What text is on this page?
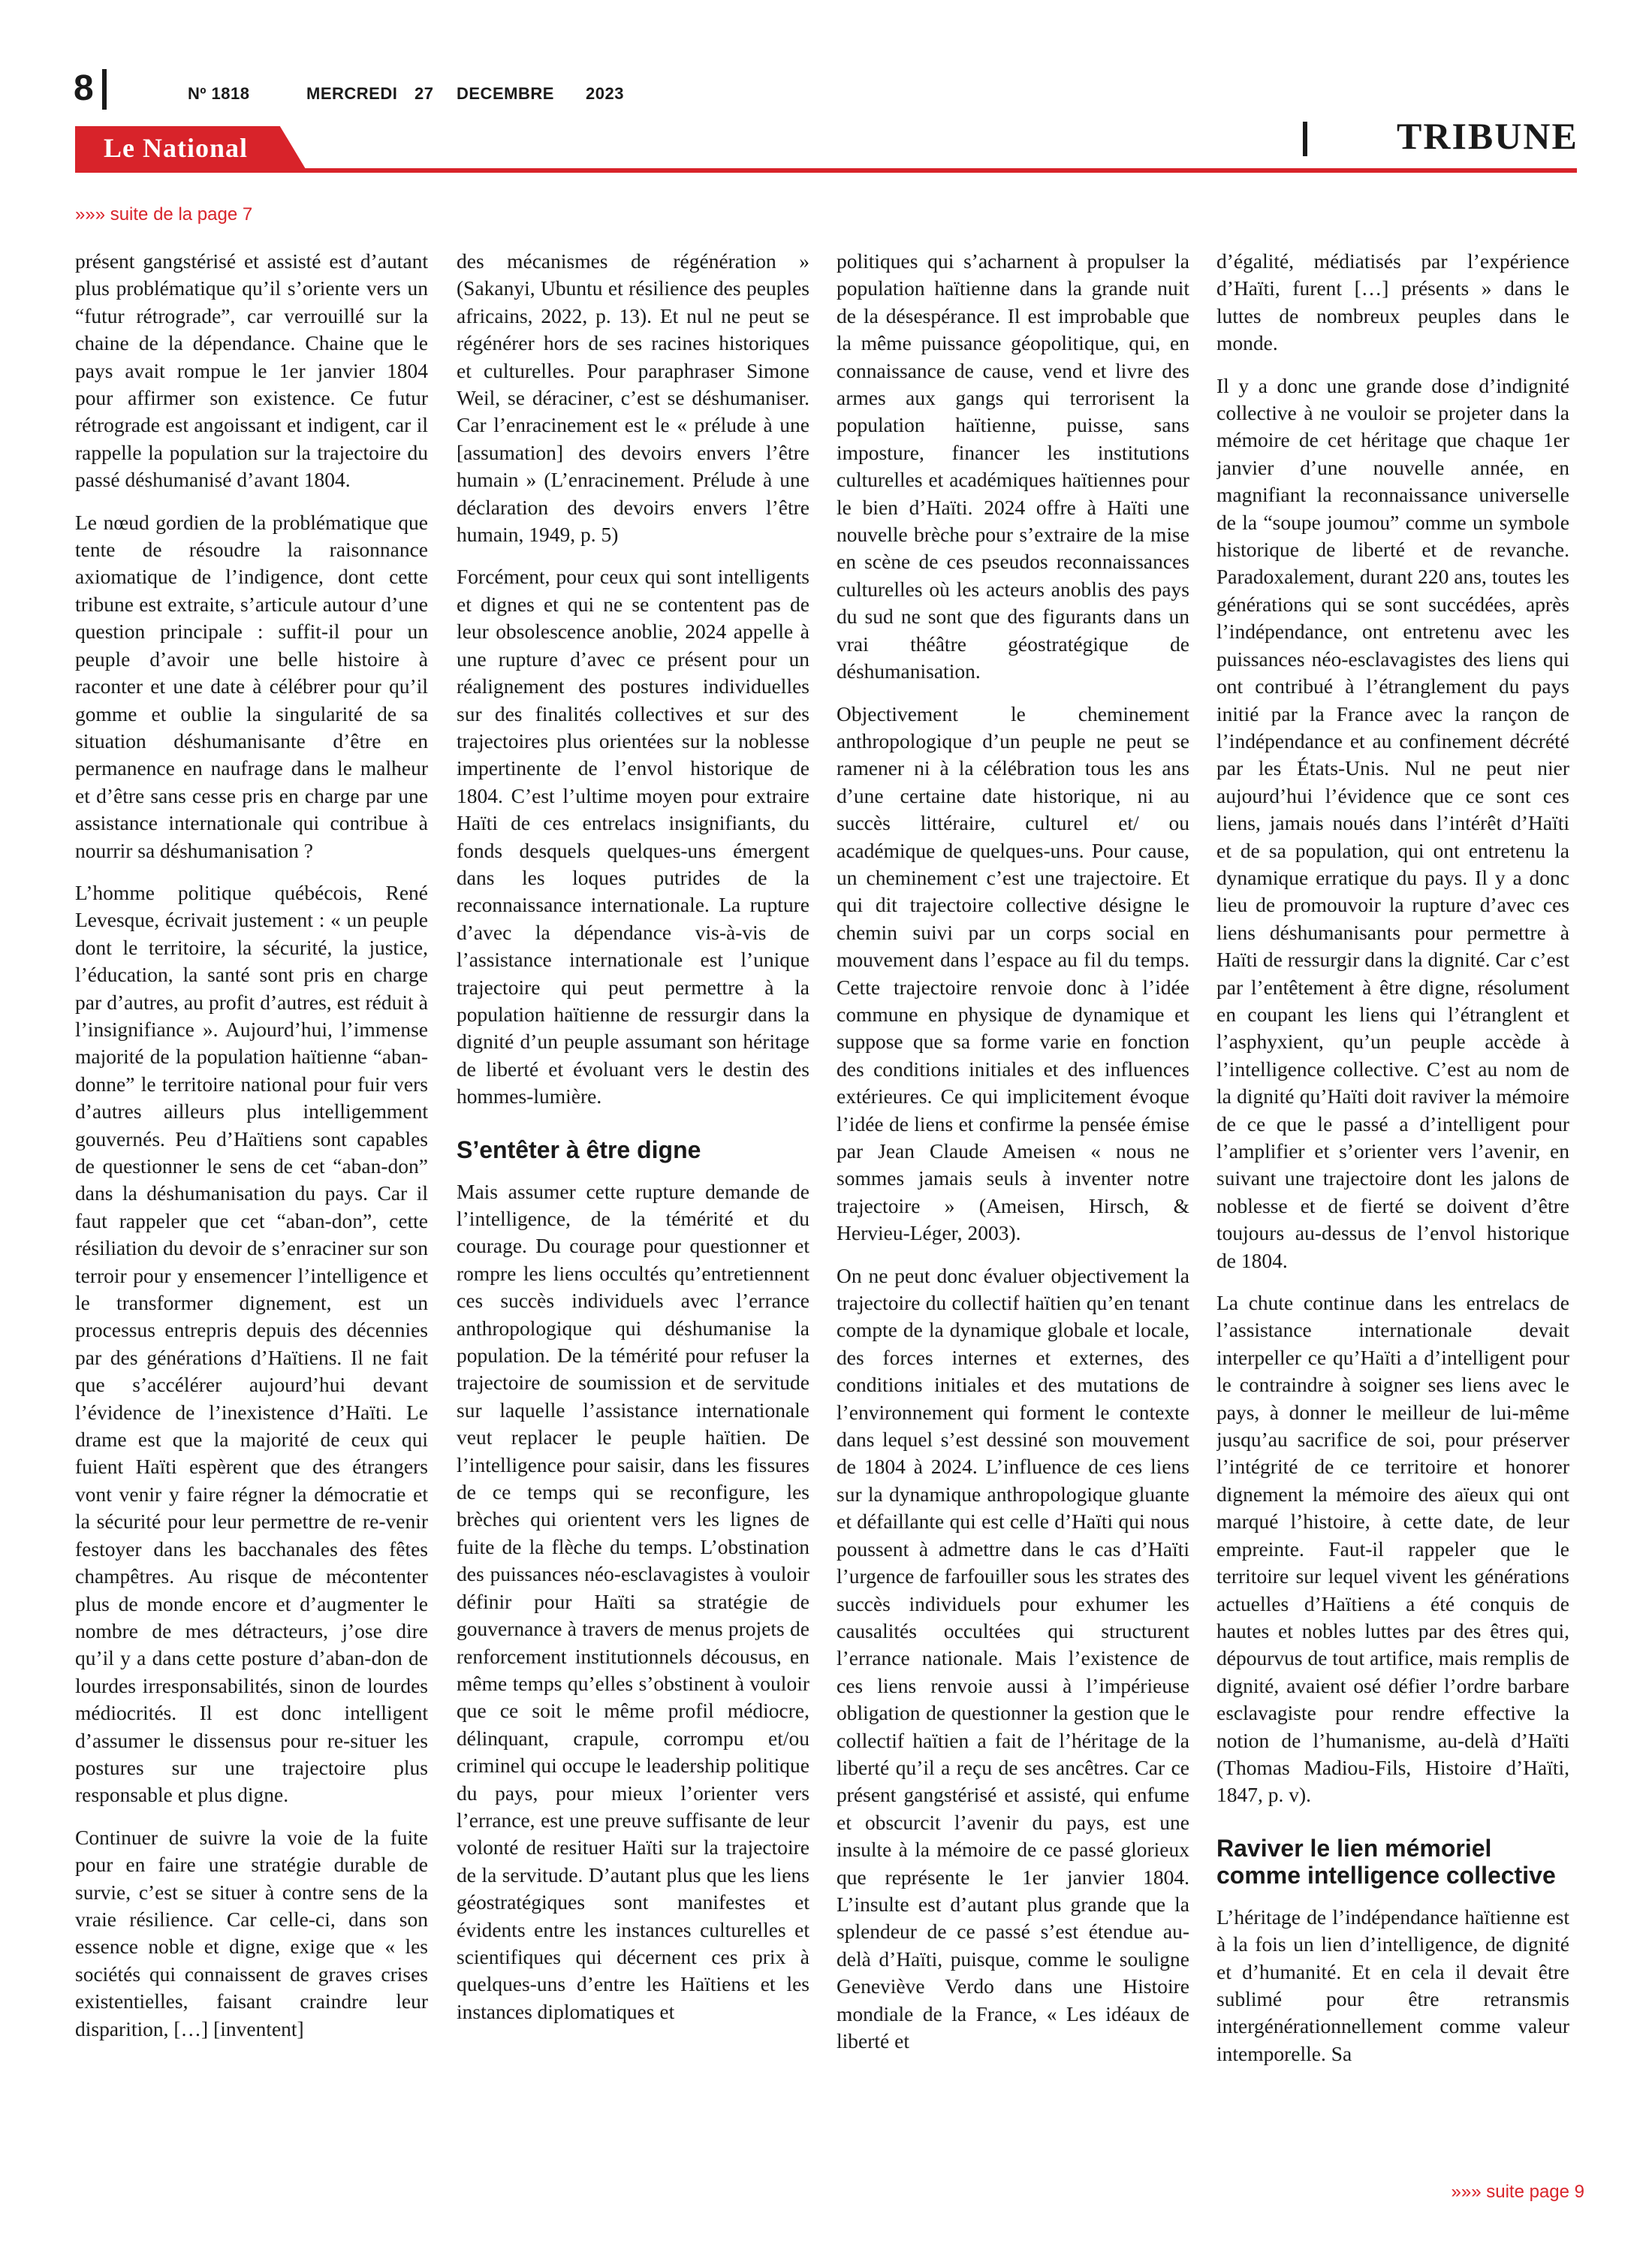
8	Nº 1818	MERCREDI 27 DECEMBRE 2023
Le National	TRIBUNE
»»» suite de la page 7

présent gangstérisé et assisté est d’autant plus problématique qu’il s’oriente vers un “futur rétrograde”, car verrouillé sur la chaine de la dépendance. Chaine que le pays avait rompue le 1er janvier 1804 pour affirmer son existence. Ce futur rétrograde est angoissant et indigent, car il rappelle la population sur la trajectoire du passé déshumanisé d’avant 1804.

Le nœud gordien de la problématique que tente de résoudre la raisonnance axiomatique de l’indigence, dont cette tribune est extraite, s’articule autour d’une question principale : suffit-il pour un peuple d’avoir une belle histoire à raconter et une date à célébrer pour qu’il gomme et oublie la singularité de sa situation déshumanisante d’être en permanence en naufrage dans le malheur et d’être sans cesse pris en charge par une assistance internationale qui contribue à nourrir sa déshumanisation ?

L’homme politique québécois, René Levesque, écrivait justement : « un peuple dont le territoire, la sécurité, la justice, l’éducation, la santé sont pris en charge par d’autres, au profit d’autres, est réduit à l’insignifiance ». Aujourd’hui, l’immense majorité de la population haïtienne “aban-donne” le territoire national pour fuir vers d’autres ailleurs plus intelligemment gouvernés. Peu d’Haïtiens sont capables de questionner le sens de cet “aban-don” dans la déshumanisation du pays. Car il faut rappeler que cet “aban-don”, cette résiliation du devoir de s’enraciner sur son terroir pour y ensemencer l’intelligence et le transformer dignement, est un processus entrepris depuis des décennies par des générations d’Haïtiens. Il ne fait que s’accélérer aujourd’hui devant l’évidence de l’inexistence d’Haïti. Le drame est que la majorité de ceux qui fuient Haïti espèrent que des étrangers vont venir y faire régner la démocratie et la sécurité pour leur permettre de re-venir festoyer dans les bacchanales des fêtes champêtres. Au risque de mécontenter plus de monde encore et d’augmenter le nombre de mes détracteurs, j’ose dire qu’il y a dans cette posture d’aban-don de lourdes irresponsabilités, sinon de lourdes médiocrités. Il est donc intelligent d’assumer le dissensus pour re-situer les postures sur une trajectoire plus responsable et plus digne.

Continuer de suivre la voie de la fuite pour en faire une stratégie durable de survie, c’est se situer à contre sens de la vraie résilience. Car celle-ci, dans son essence noble et digne, exige que « les sociétés qui connaissent de graves crises existentielles, faisant craindre leur disparition, […] [inventent]

des mécanismes de régénération » (Sakanyi, Ubuntu et résilience des peuples africains, 2022, p. 13). Et nul ne peut se régénérer hors de ses racines historiques et culturelles. Pour paraphraser Simone Weil, se déraciner, c’est se déshumaniser. Car l’enracinement est le « prélude à une [assumation] des devoirs envers l’être humain » (L’enracinement. Prélude à une déclaration des devoirs envers l’être humain, 1949, p. 5)

Forcément, pour ceux qui sont intelligents et dignes et qui ne se contentent pas de leur obsolescence anoblie, 2024 appelle à une rupture d’avec ce présent pour un réalignement des postures individuelles sur des finalités collectives et sur des trajectoires plus orientées sur la noblesse impertinente de l’envol historique de 1804. C’est l’ultime moyen pour extraire Haïti de ces entrelacs insignifiants, du fonds desquels quelques-uns émergent dans les loques putrides de la reconnaissance internationale. La rupture d’avec la dépendance vis-à-vis de l’assistance internationale est l’unique trajectoire qui peut permettre à la population haïtienne de ressurgir dans la dignité d’un peuple assumant son héritage de liberté et évoluant vers le destin des hommes-lumière.

S’entêter à être digne

Mais assumer cette rupture demande de l’intelligence, de la témérité et du courage. Du courage pour questionner et rompre les liens occultés qu’entretiennent ces succès individuels avec l’errance anthropologique qui déshumanise la population. De la témérité pour refuser la trajectoire de soumission et de servitude sur laquelle l’assistance internationale veut replacer le peuple haïtien. De l’intelligence pour saisir, dans les fissures de ce temps qui se reconfigure, les brèches qui orientent vers les lignes de fuite de la flèche du temps. L’obstination des puissances néo-esclavagistes à vouloir définir pour Haïti sa stratégie de gouvernance à travers de menus projets de renforcement institutionnels décousus, en même temps qu’elles s’obstinent à vouloir que ce soit le même profil médiocre, délinquant, crapule, corrompu et/ou criminel qui occupe le leadership politique du pays, pour mieux l’orienter vers l’errance, est une preuve suffisante de leur volonté de resituer Haïti sur la trajectoire de la servitude. D’autant plus que les liens géostratégiques sont manifestes et évidents entre les instances culturelles et scientifiques qui décernent ces prix à quelques-uns d’entre les Haïtiens et les instances diplomatiques et

politiques qui s’acharnent à propulser la population haïtienne dans la grande nuit de la désespérance. Il est improbable que la même puissance géopolitique, qui, en connaissance de cause, vend et livre des armes aux gangs qui terrorisent la population haïtienne, puisse, sans imposture, financer les institutions culturelles et académiques haïtiennes pour le bien d’Haïti. 2024 offre à Haïti une nouvelle brèche pour s’extraire de la mise en scène de ces pseudos reconnaissances culturelles où les acteurs anoblis des pays du sud ne sont que des figurants dans un vrai théâtre géostratégique de déshumanisation.

Objectivement le cheminement anthropologique d’un peuple ne peut se ramener ni à la célébration tous les ans d’une certaine date historique, ni au succès littéraire, culturel et/ ou académique de quelques-uns. Pour cause, un cheminement c’est une trajectoire. Et qui dit trajectoire collective désigne le chemin suivi par un corps social en mouvement dans l’espace au fil du temps. Cette trajectoire renvoie donc à l’idée commune en physique de dynamique et suppose que sa forme varie en fonction des conditions initiales et des influences extérieures. Ce qui implicitement évoque l’idée de liens et confirme la pensée émise par Jean Claude Ameisen « nous ne sommes jamais seuls à inventer notre trajectoire » (Ameisen, Hirsch, & Hervieu-Léger, 2003).

On ne peut donc évaluer objectivement la trajectoire du collectif haïtien qu’en tenant compte de la dynamique globale et locale, des forces internes et externes, des conditions initiales et des mutations de l’environnement qui forment le contexte dans lequel s’est dessiné son mouvement de 1804 à 2024. L’influence de ces liens sur la dynamique anthropologique gluante et défaillante qui est celle d’Haïti qui nous poussent à admettre dans le cas d’Haïti l’urgence de farfouiller sous les strates des succès individuels pour exhumer les causalités occultées qui structurent l’errance nationale. Mais l’existence de ces liens renvoie aussi à l’impérieuse obligation de questionner la gestion que le collectif haïtien a fait de l’héritage de la liberté qu’il a reçu de ses ancêtres. Car ce présent gangstérisé et assisté, qui enfume et obscurcit l’avenir du pays, est une insulte à la mémoire de ce passé glorieux que représente le 1er janvier 1804. L’insulte est d’autant plus grande que la splendeur de ce passé s’est étendue au-delà d’Haïti, puisque, comme le souligne Geneviève Verdo dans une Histoire mondiale de la France, « Les idéaux de liberté et

d’égalité, médiatisés par l’expérience d’Haïti, furent […] présents » dans le luttes de nombreux peuples dans le monde.

Il y a donc une grande dose d’indignité collective à ne vouloir se projeter dans la mémoire de cet héritage que chaque 1er janvier d’une nouvelle année, en magnifiant la reconnaissance universelle de la “soupe joumou” comme un symbole historique de liberté et de revanche. Paradoxalement, durant 220 ans, toutes les générations qui se sont succédées, après l’indépendance, ont entretenu avec les puissances néo-esclavagistes des liens qui ont contribué à l’étranglement du pays initié par la France avec la rançon de l’indépendance et au confinement décrété par les États-Unis. Nul ne peut nier aujourd’hui l’évidence que ce sont ces liens, jamais noués dans l’intérêt d’Haïti et de sa population, qui ont entretenu la dynamique erratique du pays. Il y a donc lieu de promouvoir la rupture d’avec ces liens déshumanisants pour permettre à Haïti de ressurgir dans la dignité. Car c’est par l’entêtement à être digne, résolument en coupant les liens qui l’étranglent et l’asphyxient, qu’un peuple accède à l’intelligence collective. C’est au nom de la dignité qu’Haïti doit raviver la mémoire de ce que le passé a d’intelligent pour l’amplifier et s’orienter vers l’avenir, en suivant une trajectoire dont les jalons de noblesse et de fierté se doivent d’être toujours au-dessus de l’envol historique de 1804.

La chute continue dans les entrelacs de l’assistance internationale devait interpeller ce qu’Haïti a d’intelligent pour le contraindre à soigner ses liens avec le pays, à donner le meilleur de lui-même jusqu’au sacrifice de soi, pour préserver l’intégrité de ce territoire et honorer dignement la mémoire des aïeux qui ont marqué l’histoire, à cette date, de leur empreinte. Faut-il rappeler que le territoire sur lequel vivent les générations actuelles d’Haïtiens a été conquis de hautes et nobles luttes par des êtres qui, dépourvus de tout artifice, mais remplis de dignité, avaient osé défier l’ordre barbare esclavagiste pour rendre effective la notion de l’humanisme, au-delà d’Haïti (Thomas Madiou-Fils, Histoire d’Haïti, 1847, p. v).

Raviver le lien mémoriel comme intelligence collective

L’héritage de l’indépendance haïtienne est à la fois un lien d’intelligence, de dignité et d’humanité. Et en cela il devait être sublimé pour être retransmis intergénérationnellement comme valeur intemporelle. Sa

»»» suite page 9
